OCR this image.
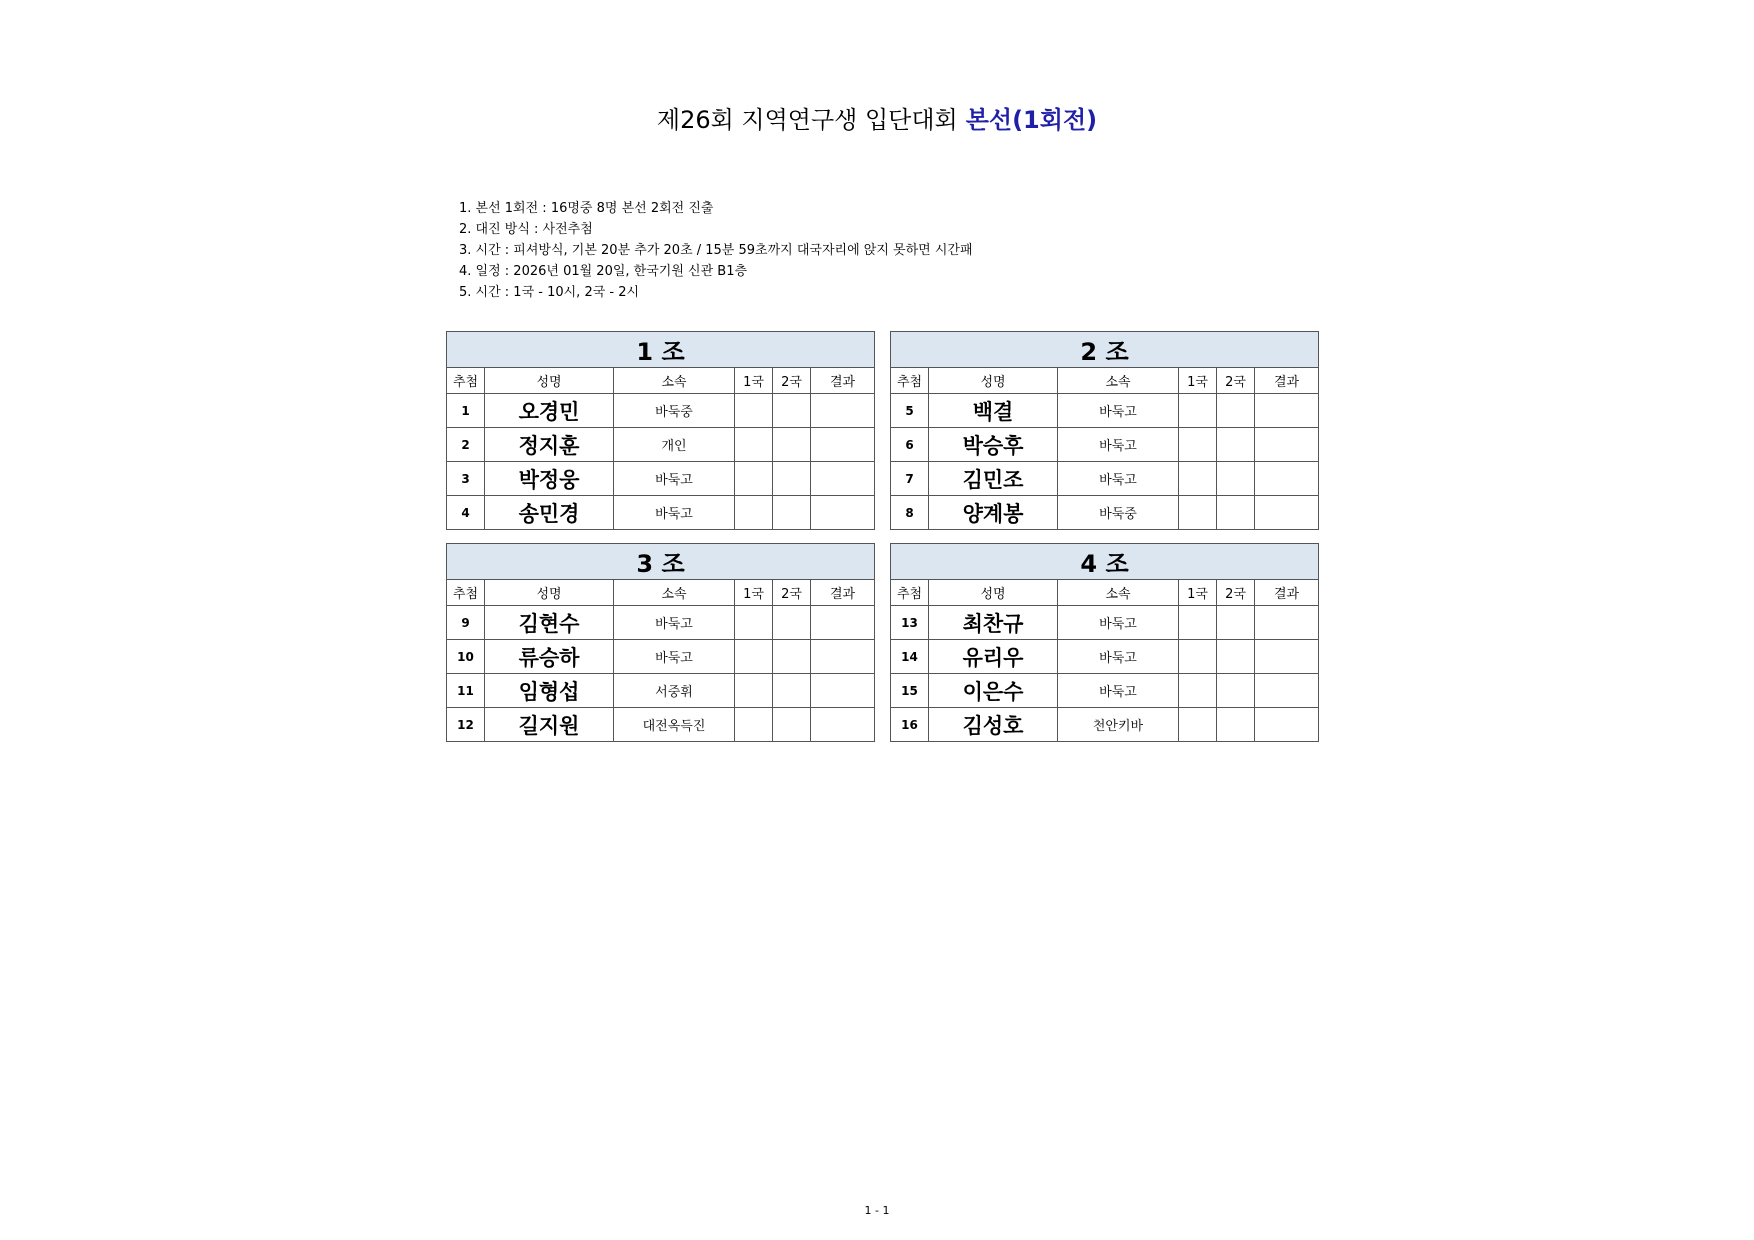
제26회 지역연구생 입단대회 본선(1회전)
1. 본선 1회전 : 16명중 8명 본선 2회전 진출
2. 대진 방식 : 사전추첨
3. 시간 : 피셔방식, 기본 20분 추가 20초 / 15분 59초까지 대국자리에 앉지 못하면 시간패
4. 일정 : 2026년 01월 20일, 한국기원 신관 B1층
5. 시간 : 1국 - 10시, 2국 - 2시
1 조					
추첨	성명	소속	1국	2국	결과
1	오경민	바둑중			
2	정지훈	개인			
3	박정웅	바둑고			
4	송민경	바둑고			
2 조					
추첨	성명	소속	1국	2국	결과
5	백결	바둑고			
6	박승후	바둑고			
7	김민조	바둑고			
8	양계봉	바둑중			
3 조					
추첨	성명	소속	1국	2국	결과
9	김현수	바둑고			
10	류승하	바둑고			
11	임형섭	서중휘			
12	길지원	대전옥득진			
4 조					
추첨	성명	소속	1국	2국	결과
13	최찬규	바둑고			
14	유리우	바둑고			
15	이은수	바둑고			
16	김성호	천안키바			
1 - 1
